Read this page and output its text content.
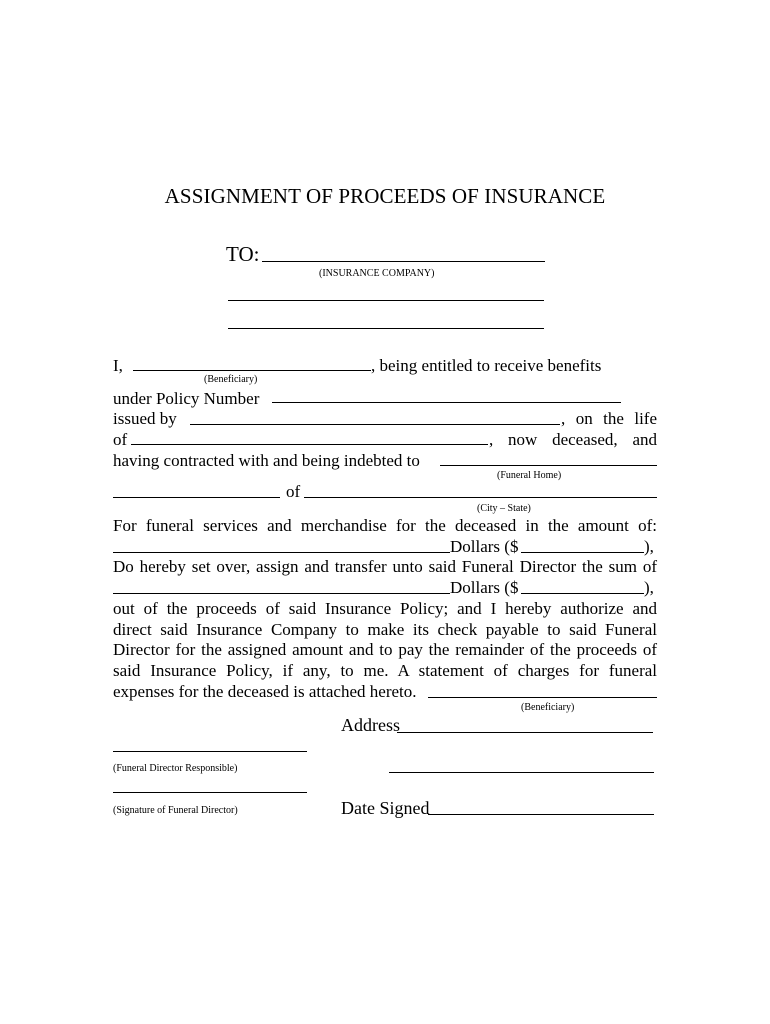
ASSIGNMENT OF PROCEEDS OF INSURANCE
TO:
(INSURANCE COMPANY)
I,	, being entitled to receive benefits
(Beneficiary)
under Policy Number
issued by	, on the life
of	, now deceased, and
having contracted with and being indebted to
(Funeral Home)
of
(City – State)
For funeral services and merchandise for the deceased in the amount of:
Dollars ($	),
Do hereby set over, assign and transfer unto said Funeral Director the sum of
Dollars ($	),
out of the proceeds of said Insurance Policy; and I hereby authorize and
direct said Insurance Company to make its check payable to said Funeral
Director for the assigned amount and to pay the remainder of the proceeds of
said Insurance Policy, if any, to me. A statement of charges for funeral
expenses for the deceased is attached hereto.
(Beneficiary)
Address
(Funeral Director Responsible)
(Signature of Funeral Director)	Date Signed
